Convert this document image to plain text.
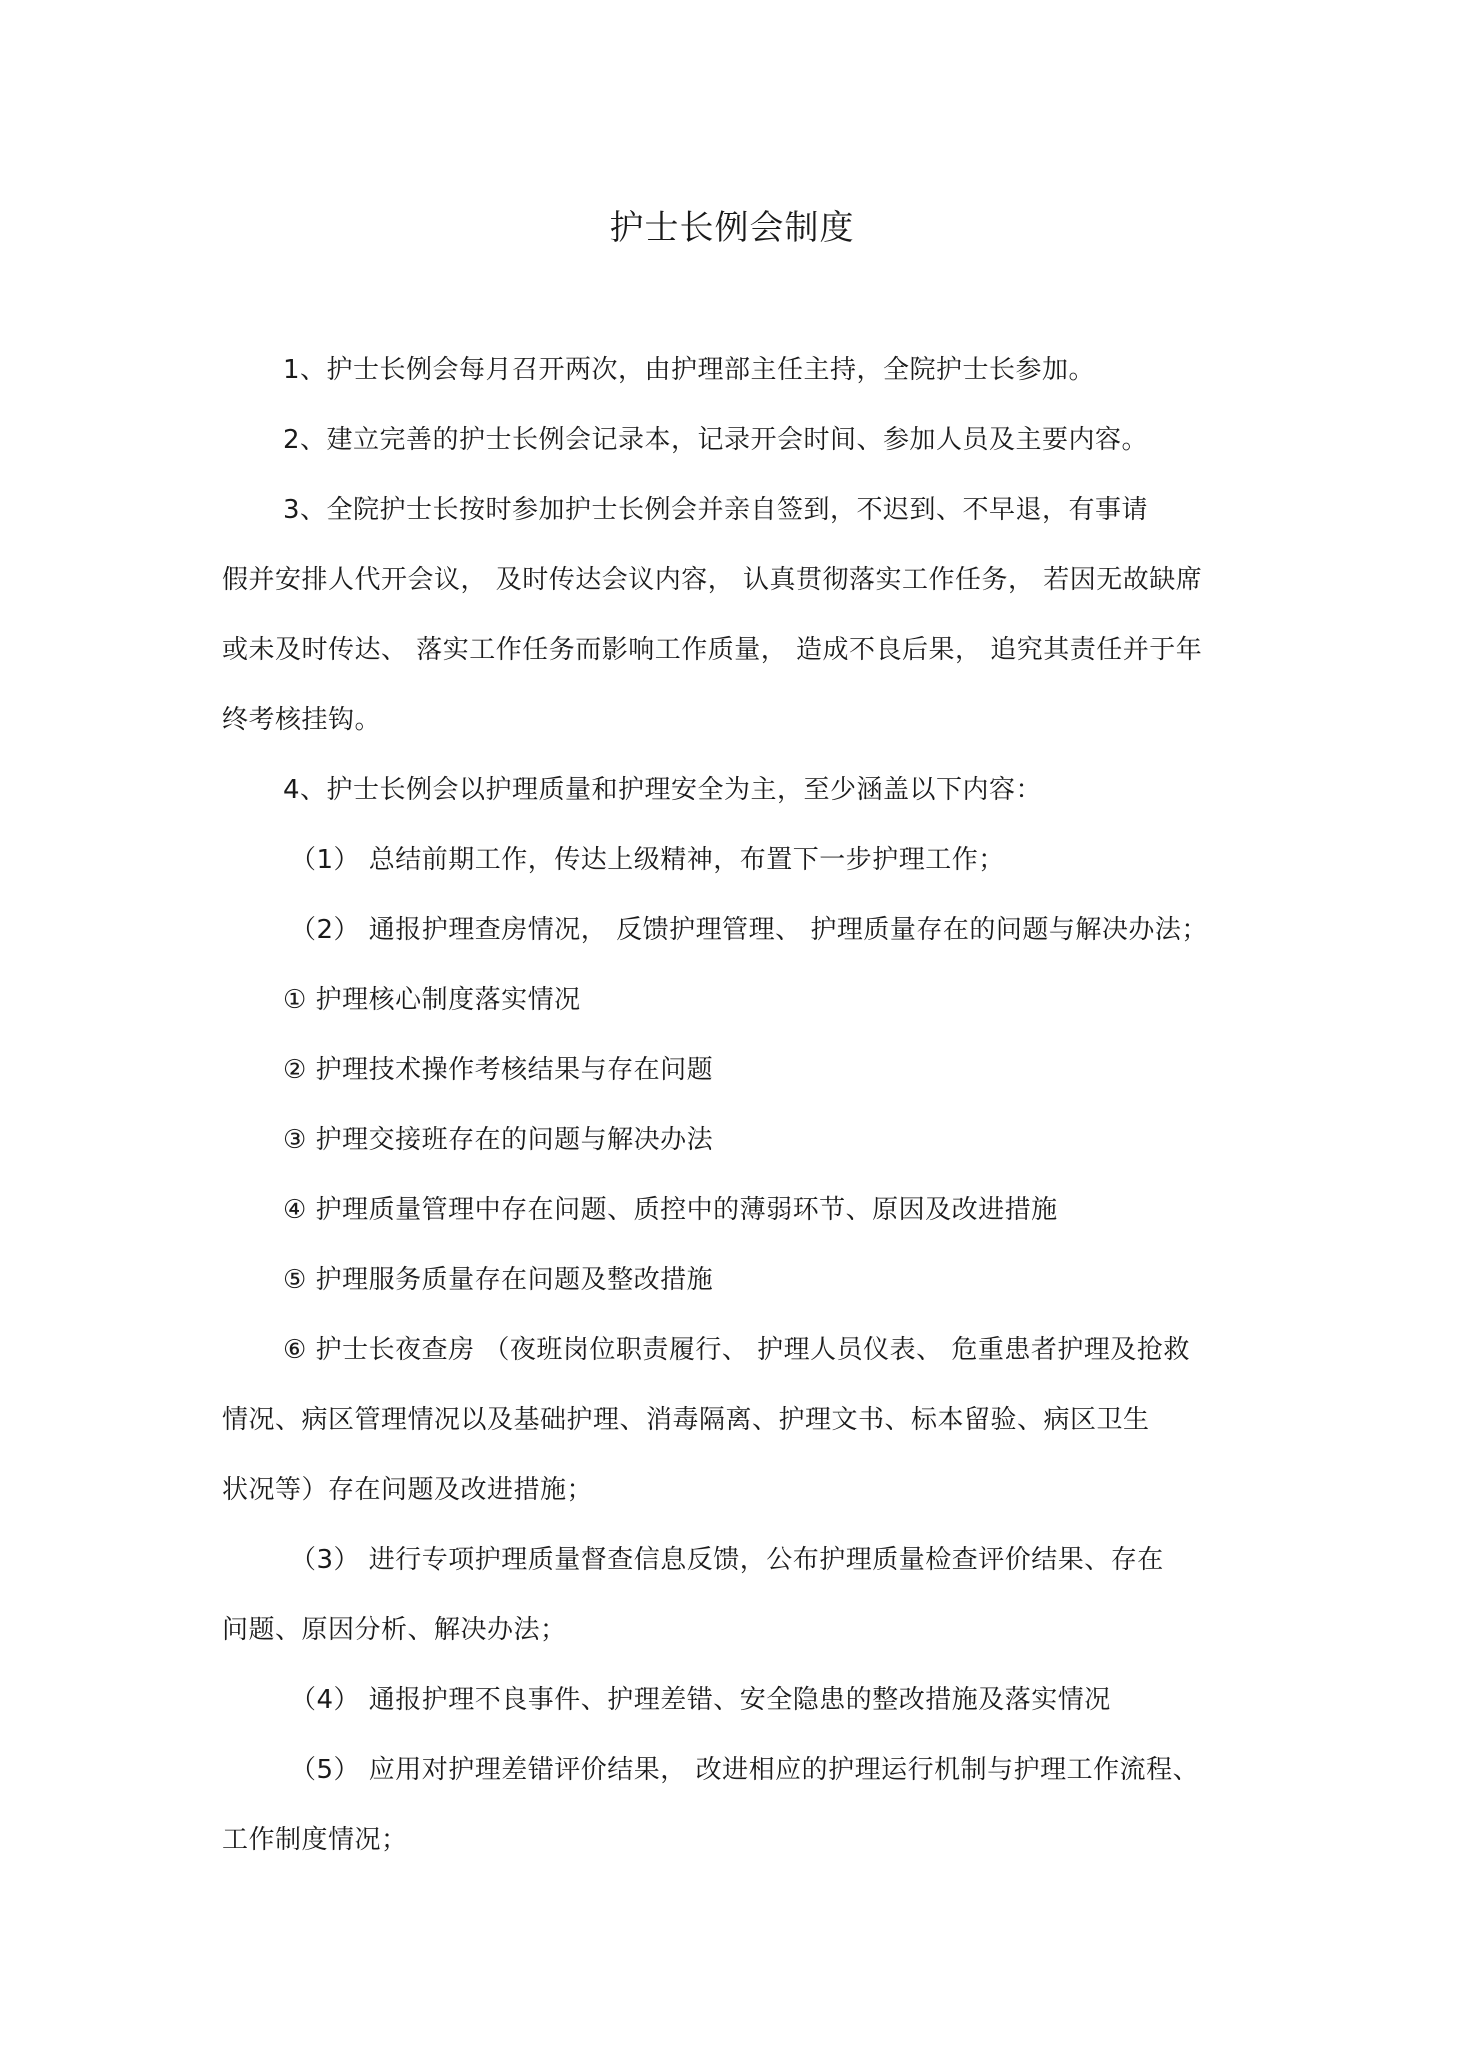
护士长例会制度
1、护士长例会每月召开两次，由护理部主任主持，全院护士长参加。
2、建立完善的护士长例会记录本，记录开会时间、参加人员及主要内容。
3、全院护士长按时参加护士长例会并亲自签到，不迟到、不早退，有事请
假并安排人代开会议， 及时传达会议内容， 认真贯彻落实工作任务， 若因无故缺席
或未及时传达、 落实工作任务而影响工作质量， 造成不良后果， 追究其责任并于年
终考核挂钩。
4、护士长例会以护理质量和护理安全为主，至少涵盖以下内容：
（1） 总结前期工作，传达上级精神，布置下一步护理工作；
（2） 通报护理查房情况， 反馈护理管理、 护理质量存在的问题与解决办法；
① 护理核心制度落实情况
② 护理技术操作考核结果与存在问题
③ 护理交接班存在的问题与解决办法
④ 护理质量管理中存在问题、质控中的薄弱环节、原因及改进措施
⑤ 护理服务质量存在问题及整改措施
⑥ 护士长夜查房 （夜班岗位职责履行、 护理人员仪表、 危重患者护理及抢救
情况、病区管理情况以及基础护理、消毒隔离、护理文书、标本留验、病区卫生
状况等）存在问题及改进措施；
（3） 进行专项护理质量督查信息反馈，公布护理质量检查评价结果、存在
问题、原因分析、解决办法；
（4） 通报护理不良事件、护理差错、安全隐患的整改措施及落实情况
（5） 应用对护理差错评价结果， 改进相应的护理运行机制与护理工作流程、
工作制度情况；
